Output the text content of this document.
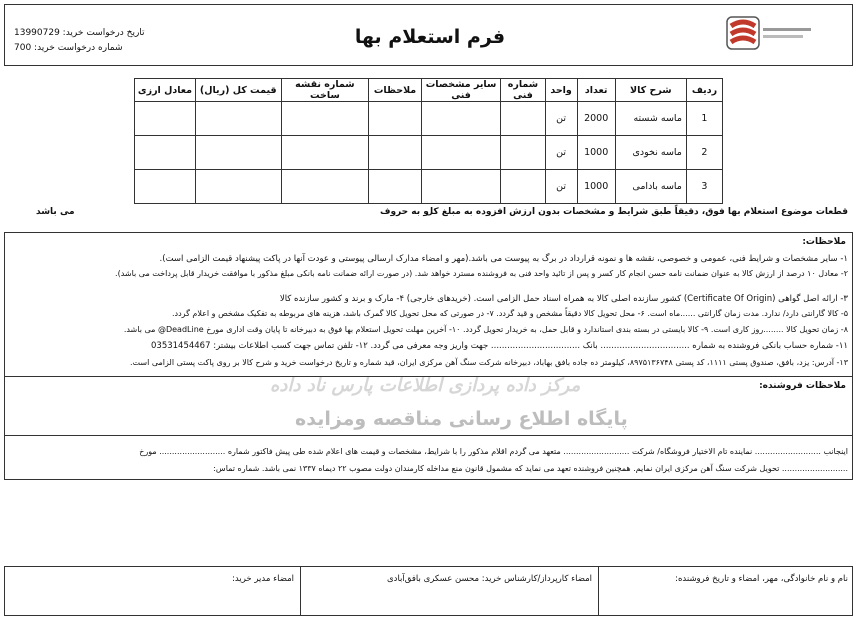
پایگاه اطلاع رسانی مناقصه ومزایده
مرکز داده پردازی اطلاعات پارس ناد داده
فرم استعلام بها
تاریخ درخواست خرید: 13990729
شماره درخواست خرید: 700
ردیف	شرح کالا	تعداد	واحد	شماره فنی	سایر مشخصات فنی	ملاحظات	شماره نقشه ساخت	قیمت کل (ریال)	معادل ارزی
1	ماسه شسته	2000	تن						
2	ماسه نخودی	1000	تن						
3	ماسه بادامی	1000	تن						
قطعات موضوع استعلام بها فوق، دقیقاً طبق شرایط و مشخصات بدون ارزش افزوده به مبلغ کل
و به حروف
می باشد
ملاحظات:
۱- سایر مشخصات و شرایط فنی، عمومی و خصوصی، نقشه ها و نمونه قرارداد در برگ به پیوست می باشد.(مهر و امضاء مدارک ارسالی پیوستی و عودت آنها در پاکت پیشنهاد قیمت الزامی است).
۲- معادل ۱۰ درصد از ارزش کالا به عنوان ضمانت نامه حسن انجام کار کسر و پس از تائید واحد فنی به فروشنده مسترد خواهد شد. (در صورت ارائه ضمانت نامه بانکی مبلغ مذکور با موافقت خریدار قابل پرداخت می باشد).
۳- ارائه اصل گواهی (Certificate Of Origin) کشور سازنده اصلی کالا به همراه اسناد حمل الزامی است. (خریدهای خارجی) ۴- مارک و برند و کشور سازنده کالا
۵- کالا گارانتی دارد/ ندارد. مدت زمان گارانتی ......ماه است. ۶- محل تحویل کالا دقیقاً مشخص و قید گردد. ۷- در صورتی که محل تحویل کالا گمرک باشد، هزینه های مربوطه به تفکیک مشخص و اعلام گردد.
۸- زمان تحویل کالا ........روز کاری است. ۹- کالا بایستی در بسته بندی استاندارد و قابل حمل، به خریدار تحویل گردد. ۱۰- آخرین مهلت تحویل استعلام بها فوق به دبیرخانه تا پایان وقت اداری مورخ DeadLine@ می باشد.
۱۱- شماره حساب بانکی فروشنده به شماره ................................. بانک ................................. جهت واریز وجه معرفی می گردد. ۱۲- تلفن تماس جهت کسب اطلاعات بیشتر: 03531454467
۱۳- آدرس: یزد، بافق، صندوق پستی ۱۱۱۱، کد پستی ۸۹۷۵۱۳۶۷۴۸، کیلومتر ده جاده بافق بهاباد، دبیرخانه شرکت سنگ آهن مرکزی ایران، قید شماره و تاریخ درخواست خرید و شرح کالا بر روی پاکت پستی الزامی است.
ملاحظات فروشنده:
اینجانب .......................... نماینده تام الاختیار فروشگاه/ شرکت .......................... متعهد می گردم اقلام مذکور را با شرایط، مشخصات و قیمت های اعلام شده طی پیش فاکتور شماره .......................... مورخ
.......................... تحویل شرکت سنگ آهن مرکزی ایران نمایم. همچنین فروشنده تعهد می نماید که مشمول قانون منع مداخله کارمندان دولت مصوب ۲۲ دیماه ۱۳۳۷ نمی باشد. شماره تماس:
نام و نام خانوادگی، مهر، امضاء و تاریخ فروشنده:
امضاء کارپرداز/کارشناس خرید: محسن عسکری بافق‌آبادی
امضاء مدیر خرید:
